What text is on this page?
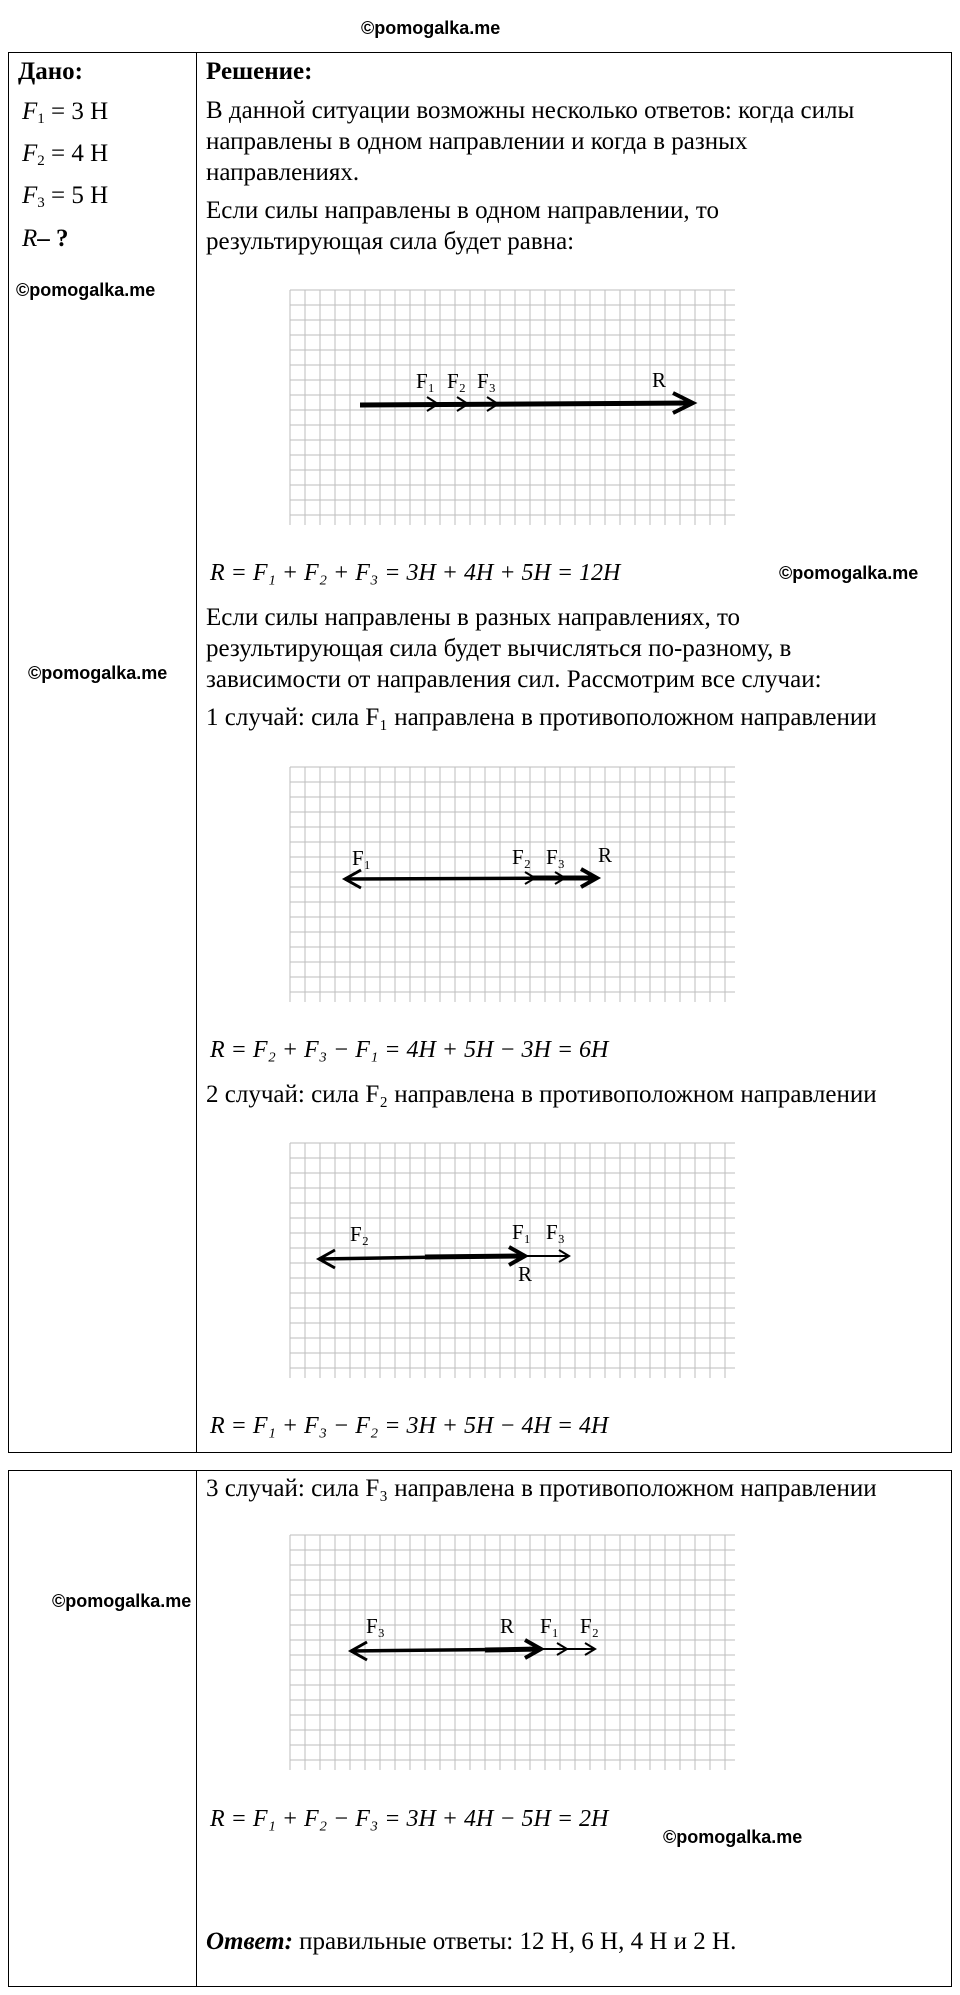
©pomogalka.me
©pomogalka.me
©pomogalka.me
©pomogalka.me
©pomogalka.me
©pomogalka.me
Дано:
$F_1 = 3$ Н
$F_2 = 4$ Н
$F_3 = 5$ Н
R– ?
Решение:
В данной ситуации возможны несколько ответов: когда силы
направлены в одном направлении и когда в разных
направлениях.
Если силы направлены в одном направлении, то
результирующая сила будет равна:
F₁ F₂ F₃	R
R = F₁ + F₂ + F₃ = 3H + 4H + 5H = 12H
Если силы направлены в разных направлениях, то
результирующая сила будет вычисляться по-разному, в
зависимости от направления сил. Рассмотрим все случаи:
1 случай: сила F₁ направлена в противоположном направлении
F₁	F₂ F₃ R
R = F₂ + F₃ − F₁ = 4H + 5H − 3H = 6H
2 случай: сила F₂ направлена в противоположном направлении
F₂	F₁ F₃
R
R = F₁ + F₃ − F₂ = 3H + 5H − 4H = 4H
3 случай: сила F₃ направлена в противоположном направлении
F₃	R F₁ F₂
R = F₁ + F₂ − F₃ = 3H + 4H − 5H = 2H
Ответ: правильные ответы: 12 Н, 6 Н, 4 Н и 2 Н.
